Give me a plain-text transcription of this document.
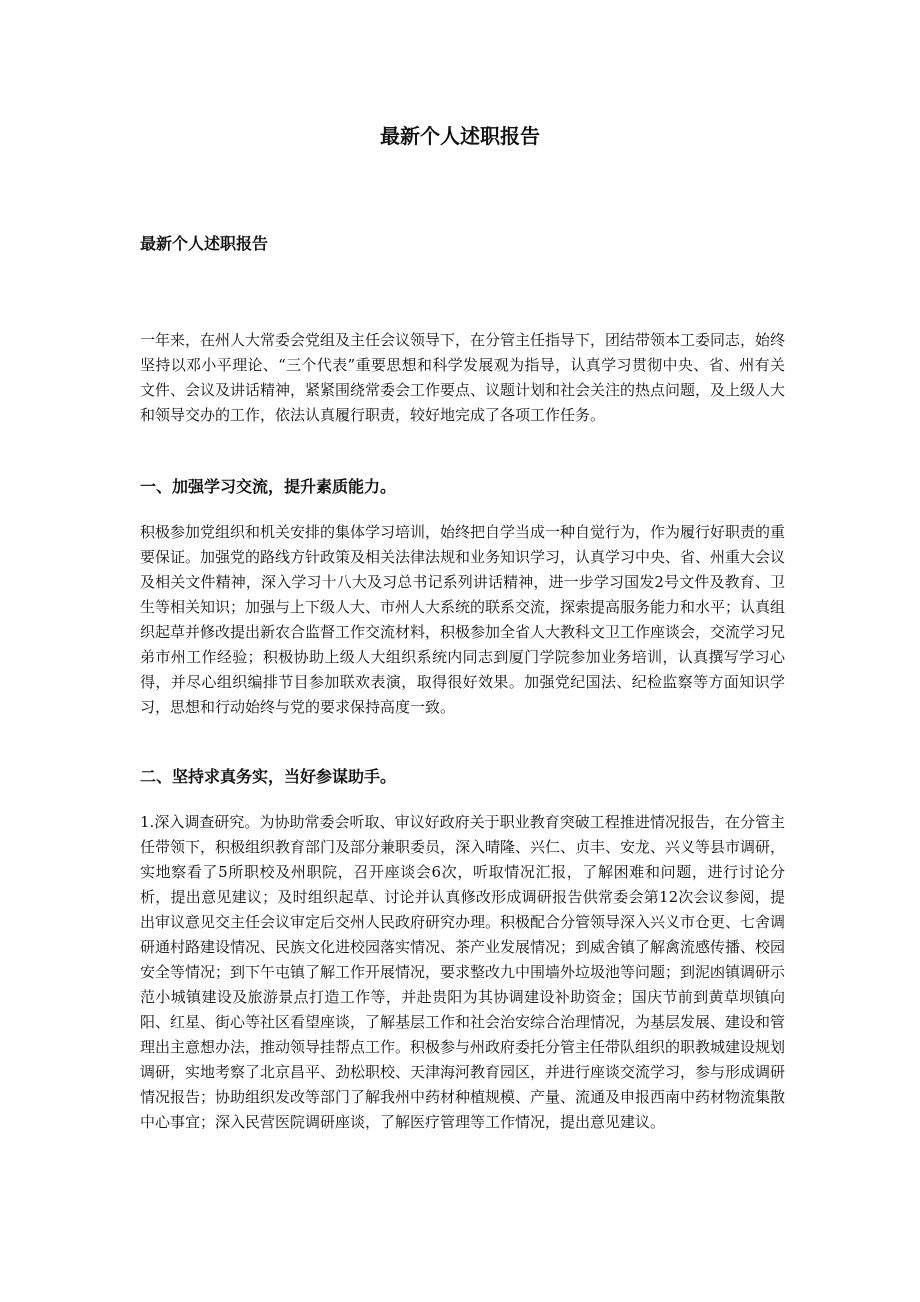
最新个人述职报告
最新个人述职报告

一年来，在州人大常委会党组及主任会议领导下，在分管主任指导下，团结带领本工委同志，始终坚持以邓小平理论、“三个代表”重要思想和科学发展观为指导，认真学习贯彻中央、省、州有关文件、会议及讲话精神，紧紧围绕常委会工作要点、议题计划和社会关注的热点问题，及上级人大和领导交办的工作，依法认真履行职责，较好地完成了各项工作任务。

一、加强学习交流，提升素质能力。

积极参加党组织和机关安排的集体学习培训，始终把自学当成一种自觉行为，作为履行好职责的重要保证。加强党的路线方针政策及相关法律法规和业务知识学习，认真学习中央、省、州重大会议及相关文件精神，深入学习十八大及习总书记系列讲话精神，进一步学习国发2号文件及教育、卫生等相关知识；加强与上下级人大、市州人大系统的联系交流，探索提高服务能力和水平；认真组织起草并修改提出新农合监督工作交流材料，积极参加全省人大教科文卫工作座谈会，交流学习兄弟市州工作经验；积极协助上级人大组织系统内同志到厦门学院参加业务培训，认真撰写学习心得，并尽心组织编排节目参加联欢表演，取得很好效果。加强党纪国法、纪检监察等方面知识学习，思想和行动始终与党的要求保持高度一致。

二、坚持求真务实，当好参谋助手。

1.深入调查研究。为协助常委会听取、审议好政府关于职业教育突破工程推进情况报告，在分管主任带领下，积极组织教育部门及部分兼职委员，深入晴隆、兴仁、贞丰、安龙、兴义等县市调研，实地察看了5所职校及州职院，召开座谈会6次，听取情况汇报，了解困难和问题，进行讨论分析，提出意见建议；及时组织起草、讨论并认真修改形成调研报告供常委会第12次会议参阅，提出审议意见交主任会议审定后交州人民政府研究办理。积极配合分管领导深入兴义市仓更、七舍调研通村路建设情况、民族文化进校园落实情况、茶产业发展情况；到威舍镇了解禽流感传播、校园安全等情况；到下午屯镇了解工作开展情况，要求整改九中围墙外垃圾池等问题；到泥凼镇调研示范小城镇建设及旅游景点打造工作等，并赴贵阳为其协调建设补助资金；国庆节前到黄草坝镇向阳、红星、街心等社区看望座谈，了解基层工作和社会治安综合治理情况，为基层发展、建设和管理出主意想办法，推动领导挂帮点工作。积极参与州政府委托分管主任带队组织的职教城建设规划调研，实地考察了北京昌平、劲松职校、天津海河教育园区，并进行座谈交流学习，参与形成调研情况报告；协助组织发改等部门了解我州中药材种植规模、产量、流通及申报西南中药材物流集散中心事宜；深入民营医院调研座谈，了解医疗管理等工作情况，提出意见建议。
